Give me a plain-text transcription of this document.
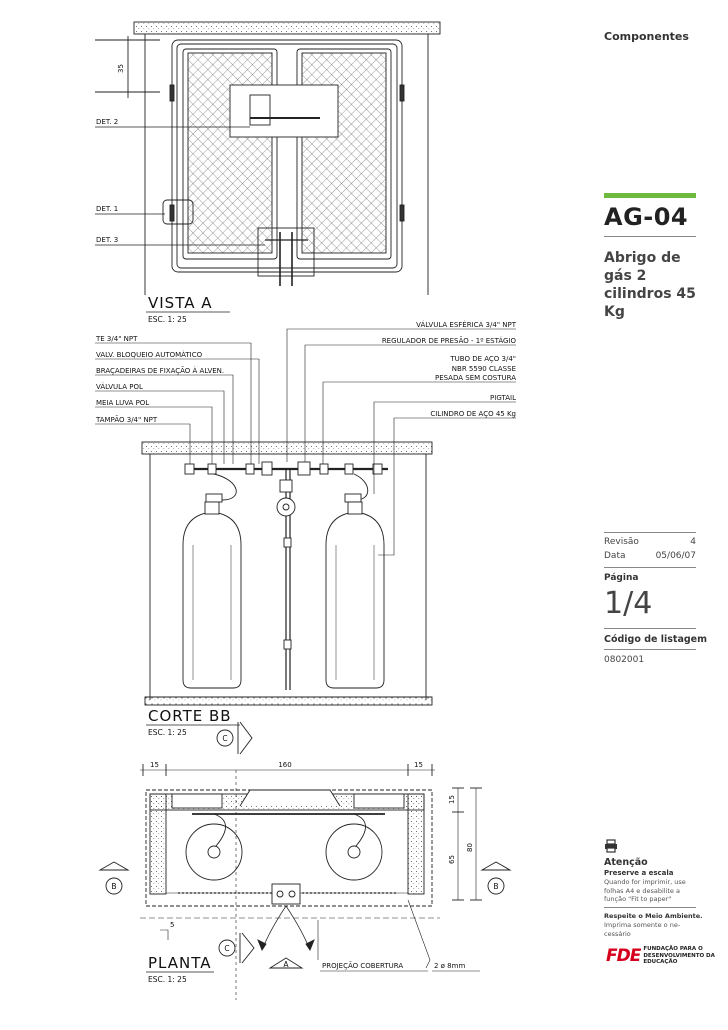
35
DET. 2
DET. 1
DET. 3
VISTA A
ESC. 1: 25
TE 3/4" NPT
VALV. BLOQUEIO AUTOMÁTICO
BRAÇADEIRAS DE FIXAÇÃO À ALVEN.
VÁLVULA POL
MEIA LUVA POL
TAMPÃO 3/4" NPT
VÁLVULA ESFÉRICA 3/4" NPT
REGULADOR DE PRESÃO - 1º ESTÁGIO
TUBO DE AÇO 3/4"
NBR 5590 CLASSE
PESADA SEM COSTURA
PIGTAIL
CILINDRO DE AÇO 45 Kg
CORTE BB
ESC. 1: 25
C
15	160	15
15
65
80
5
B	B
C
A	PROJEÇÃO COBERTURA	2 ø 8mm
PLANTA
ESC. 1: 25
Componentes
AG-04
Abrigo de gás 2 cilindros 45 Kg
Revisão	4
Data	05/06/07
Página
1/4
Código de listagem
0802001
Atenção
Preserve a escala
Quando for imprimir, use folhas A4 e desabilite a função "Fit to paper"
Respeite o Meio Ambiente.
Imprima somente o ne-cessário
FDE FUNDAÇÃO PARA O DESENVOLVIMENTO DA EDUCAÇÃO
